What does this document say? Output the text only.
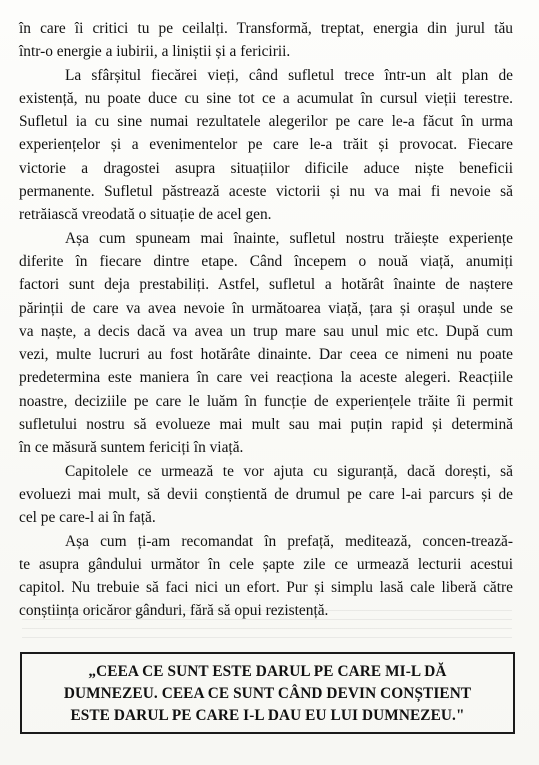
în care îi critici tu pe ceilalți. Transformă, treptat, energia din jurul tău
într-o energie a iubirii, a liniștii și a fericirii.

La sfârșitul fiecărei vieți, când sufletul trece într-un alt plan de
existență, nu poate duce cu sine tot ce a acumulat în cursul vieții terestre.
Sufletul ia cu sine numai rezultatele alegerilor pe care le-a făcut în urma
experiențelor și a evenimentelor pe care le-a trăit și provocat. Fiecare
victorie a dragostei asupra situațiilor dificile aduce niște beneficii
permanente. Sufletul păstrează aceste victorii și nu va mai fi nevoie să
retrăiască vreodată o situație de acel gen.

Așa cum spuneam mai înainte, sufletul nostru trăiește experiențe
diferite în fiecare dintre etape. Când începem o nouă viață, anumiți
factori sunt deja prestabiliți. Astfel, sufletul a hotărât înainte de naștere
părinții de care va avea nevoie în următoarea viață, țara și orașul unde se
va naște, a decis dacă va avea un trup mare sau unul mic etc. După cum
vezi, multe lucruri au fost hotărâte dinainte. Dar ceea ce nimeni nu poate
predetermina este maniera în care vei reacționa la aceste alegeri. Reacțiile
noastre, deciziile pe care le luăm în funcție de experiențele trăite îi permit
sufletului nostru să evolueze mai mult sau mai puțin rapid și determină
în ce măsură suntem fericiți în viață.

Capitolele ce urmează te vor ajuta cu siguranță, dacă dorești, să
evoluezi mai mult, să devii conștientă de drumul pe care l-ai parcurs și de
cel pe care-l ai în față.

Așa cum ți-am recomandat în prefață, meditează, concen-trează-
te asupra gândului următor în cele șapte zile ce urmează lecturii acestui
capitol. Nu trebuie să faci nici un efort. Pur și simplu lasă cale liberă către
conștiința oricăror gânduri, fără să opui rezistență.

„CEEA CE SUNT ESTE DARUL PE CARE MI-L DĂ
DUMNEZEU. CEEA CE SUNT CÂND DEVIN CONȘTIENT
ESTE DARUL PE CARE I-L DAU EU LUI DUMNEZEU."
